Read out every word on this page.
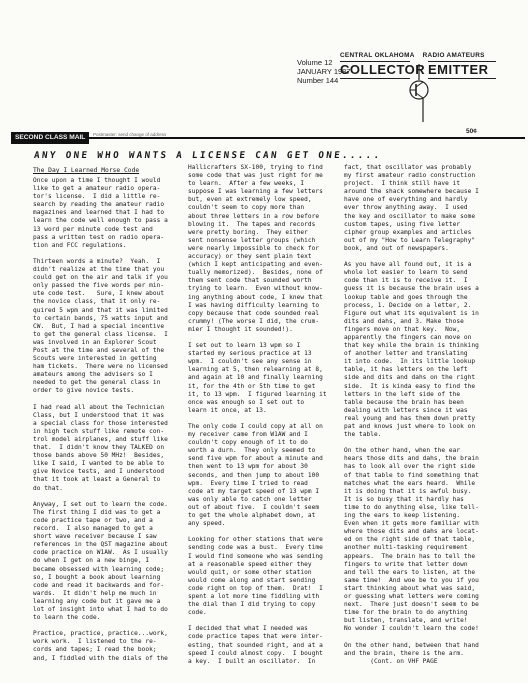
Volume 12
JANUARY 1987
Number 144
CENTRAL OKLAHOMA RADIO AMATEURS
COLLECTOR EMITTER
50¢
SECOND CLASS MAIL	Postmaster: send change of address
ANY ONE WHO WANTS A LICENSE CAN GET ONE.....
The Day I Learned Morse Code
Once upon a time I thought I would
like to get a amateur radio opera-
tor's license.  I did a little re-
search by reading the amateur radio
magazines and learned that I had to
learn the code well enough to pass a
13 word per minute code test and
pass a written test on radio opera-
tion and FCC regulations.

Thirteen words a minute?  Yeah.  I
didn't realize at the time that you
could get on the air and talk if you
only passed the five words per min-
ute code test.   Sure, I knew about
the novice class, that it only re-
quired 5 wpm and that it was limited
to certain bands, 75 watts input and
CW.  But, I had a special incentive
to get the general class license.  I
was involved in an Explorer Scout
Post at the time and several of the
Scouts were interested in getting
ham tickets.  There were no licensed
amateurs among the advisers so I
needed to get the general class in
order to give novice tests.

I had read all about the Technician
Class, but I understood that it was
a special class for those interested
in high tech stuff like remote con-
trol model airplanes, and stuff like
that.  I didn't know they TALKED on
those bands above 50 MHz!  Besides,
like I said, I wanted to be able to
give Novice tests, and I understood
that it took at least a General to
do that.

Anyway, I set out to learn the code.
The first thing I did was to get a
code practice tape or two, and a
record.  I also managed to get a
short wave receiver because I saw
references in the QST magazine about
code practice on W1AW.  As I usually
do when I get on a new binge, I
became obsessed with learning code;
so, I bought a book about learning
code and read it backwards and for-
wards.  It didn't help me much in
learning any code but it gave me a
lot of insight into what I had to do
to learn the code.

Practice, practice, practice...work,
work work.  I listened to the re-
cords and tapes; I read the book;
and, I fiddled with the dials of the
Hallicrafters SX-100, trying to find
some code that was just right for me
to learn.  After a few weeks, I
suppose I was learning a few letters
but, even at extremely low speed,
couldn't seem to copy more than
about three letters in a row before
blowing it.  The tapes and records
were pretty boring.  They either
sent nonsense letter groups (which
were nearly impossible to check for
accuracy) or they sent plain text
(which I kept anticipating and even-
tually memorized).  Besides, none of
them sent code that sounded worth
trying to learn.  Even without know-
ing anything about code, I knew that
I was having difficulty learning to
copy because that code sounded real
crummy! (The worse I did, the crum-
mier I thought it sounded!).

I set out to learn 13 wpm so I
started my serious practice at 13
wpm.  I couldn't see any sense in
learning at 5, then relearning at 8,
and again at 10 and finally learning
it, for the 4th or 5th time to get
it, to 13 wpm.  I figured learning it
once was enough so I set out to
learn it once, at 13.

The only code I could copy at all on
my receiver came from W1AW and I
couldn't copy enough of it to do
worth a durn.  They only seemed to
send five wpm for about a minute and
then went to 13 wpm for about 30
seconds, and then jump to about 100
wpm.  Every time I tried to read
code at my target speed of 13 wpm I
was only able to catch one letter
out of about five.  I couldn't seem
to get the whole alphabet down, at
any speed.

Looking for other stations that were
sending code was a bust.  Every time
I would find someone who was sending
at a reasonable speed either they
would quit, or some other station
would come along and start sending
code right on top of them.  Drat!  I
spent a lot more time fiddling with
the dial than I did trying to copy
code.

I decided that what I needed was
code practice tapes that were inter-
esting, that sounded right, and at a
speed I could almost copy.  I bought
a key.  I built an oscillator.  In
fact, that oscillator was probably
my first amateur radio construction
project.  I think still have it
around the shack somewhere because I
have one of everything and hardly
ever throw anything away.  I used
the key and oscillator to make some
custom tapes, using five letter
cipher group examples and articles
out of my "How to Learn Telegraphy"
book, and out of newspapers.

As you have all found out, it is a
whole lot easier to learn to send
code than it is to receive it.  I
guess it is because the brain uses a
lookup table and goes through the
process, 1. Decide on a letter, 2.
Figure out what its equivalent is in
dits and dahs, and 3. Make those
fingers move on that key.  Now,
apparently the fingers can move on
that key while the brain is thinking
of another letter and translating
it into code.  In its little lookup
table, it has letters on the left
side and dits and dahs on the right
side.  It is kinda easy to find the
letters in the left side of the
table because the brain has been
dealing with letters since it was
real young and has them down pretty
pat and knows just where to look on
the table.

On the other hand, when the ear
hears those dits and dahs, the brain
has to look all over the right side
of that table to find something that
matches what the ears heard.  While
it is doing that it is awful busy.
It is so busy that it hardly has
time to do anything else, like tell-
ing the ears to keep listening.
Even when it gets more familiar with
where those dits and dahs are locat-
ed on the right side of that table,
another multi-tasking requirement
appears.  The brain has to tell the
fingers to write that letter down
and tell the ears to listen, at the
same time!  And woe be to you if you
start thinking about what was said,
or guessing what letters were coming
next.  There just doesn't seem to be
time for the brain to do anything
but listen, translate, and write!
No wonder I couldn't learn the code!

On the other hand, between that hand
and the brain, there is the arm.
(Cont. on VHF PAGE
